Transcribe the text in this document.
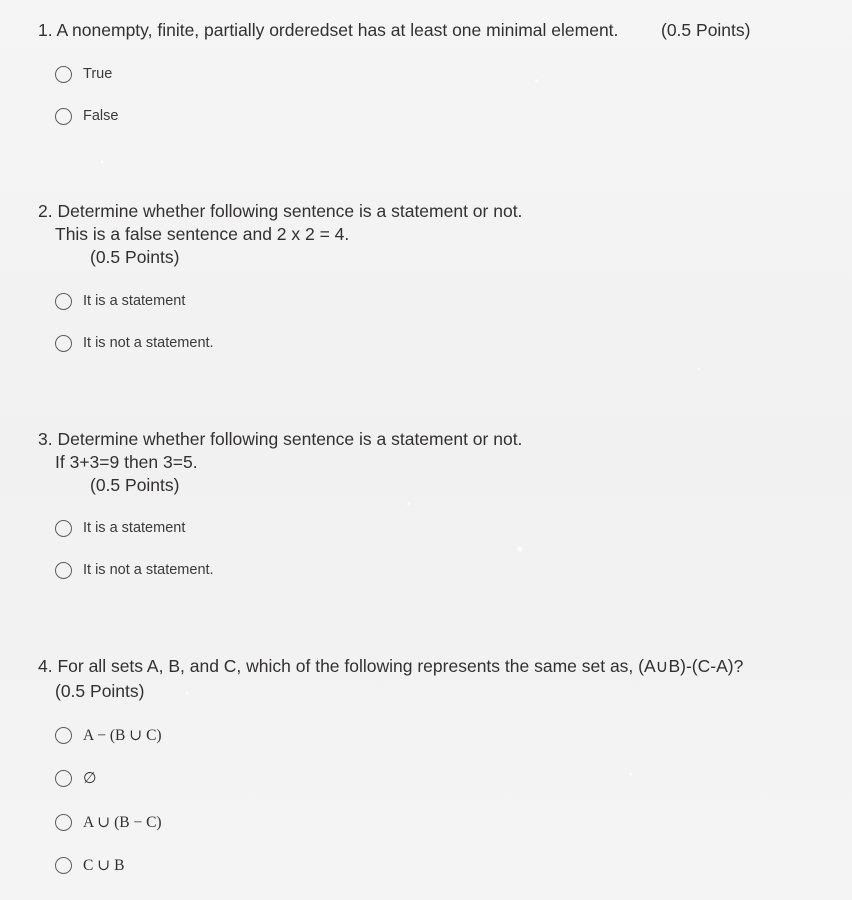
1. A nonempty, finite, partially orderedset has at least one minimal element. (0.5 Points)
True
False
2. Determine whether following sentence is a statement or not.
This is a false sentence and 2 x 2 = 4.
(0.5 Points)
It is a statement
It is not a statement.
3. Determine whether following sentence is a statement or not.
If 3+3=9 then 3=5.
(0.5 Points)
It is a statement
It is not a statement.
4. For all sets A, B, and C, which of the following represents the same set as, (A∪B)-(C-A)?
(0.5 Points)
A − (B ∪ C)
∅
A ∪ (B − C)
C ∪ B
